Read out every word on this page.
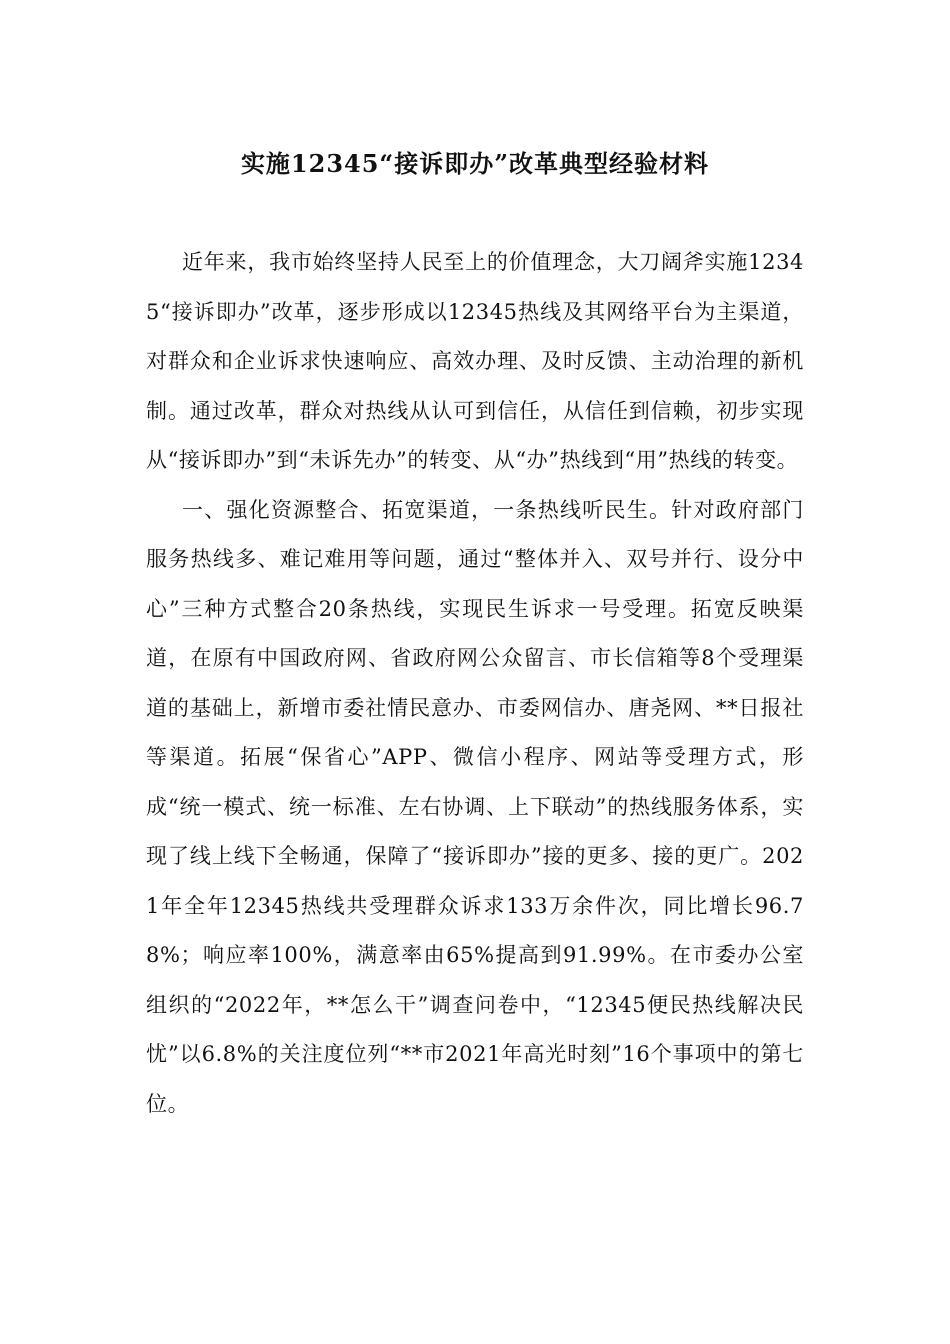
实施12345“接诉即办”改革典型经验材料

近年来，我市始终坚持人民至上的价值理念，大刀阔斧实施12345“接诉即办”改革，逐步形成以12345热线及其网络平台为主渠道，对群众和企业诉求快速响应、高效办理、及时反馈、主动治理的新机制。通过改革，群众对热线从认可到信任，从信任到信赖，初步实现从“接诉即办”到“未诉先办”的转变、从“办”热线到“用”热线的转变。

一、强化资源整合、拓宽渠道，一条热线听民生。针对政府部门服务热线多、难记难用等问题，通过“整体并入、双号并行、设分中心”三种方式整合20条热线，实现民生诉求一号受理。拓宽反映渠道，在原有中国政府网、省政府网公众留言、市长信箱等8个受理渠道的基础上，新增市委社情民意办、市委网信办、唐尧网、**日报社等渠道。拓展“保省心”APP、微信小程序、网站等受理方式，形成“统一模式、统一标准、左右协调、上下联动”的热线服务体系，实现了线上线下全畅通，保障了“接诉即办”接的更多、接的更广。2021年全年12345热线共受理群众诉求133万余件次，同比增长96.78%；响应率100%，满意率由65%提高到91.99%。在市委办公室组织的“2022年，**怎么干”调查问卷中，“12345便民热线解决民忧”以6.8%的关注度位列“**市2021年高光时刻”16个事项中的第七位。
